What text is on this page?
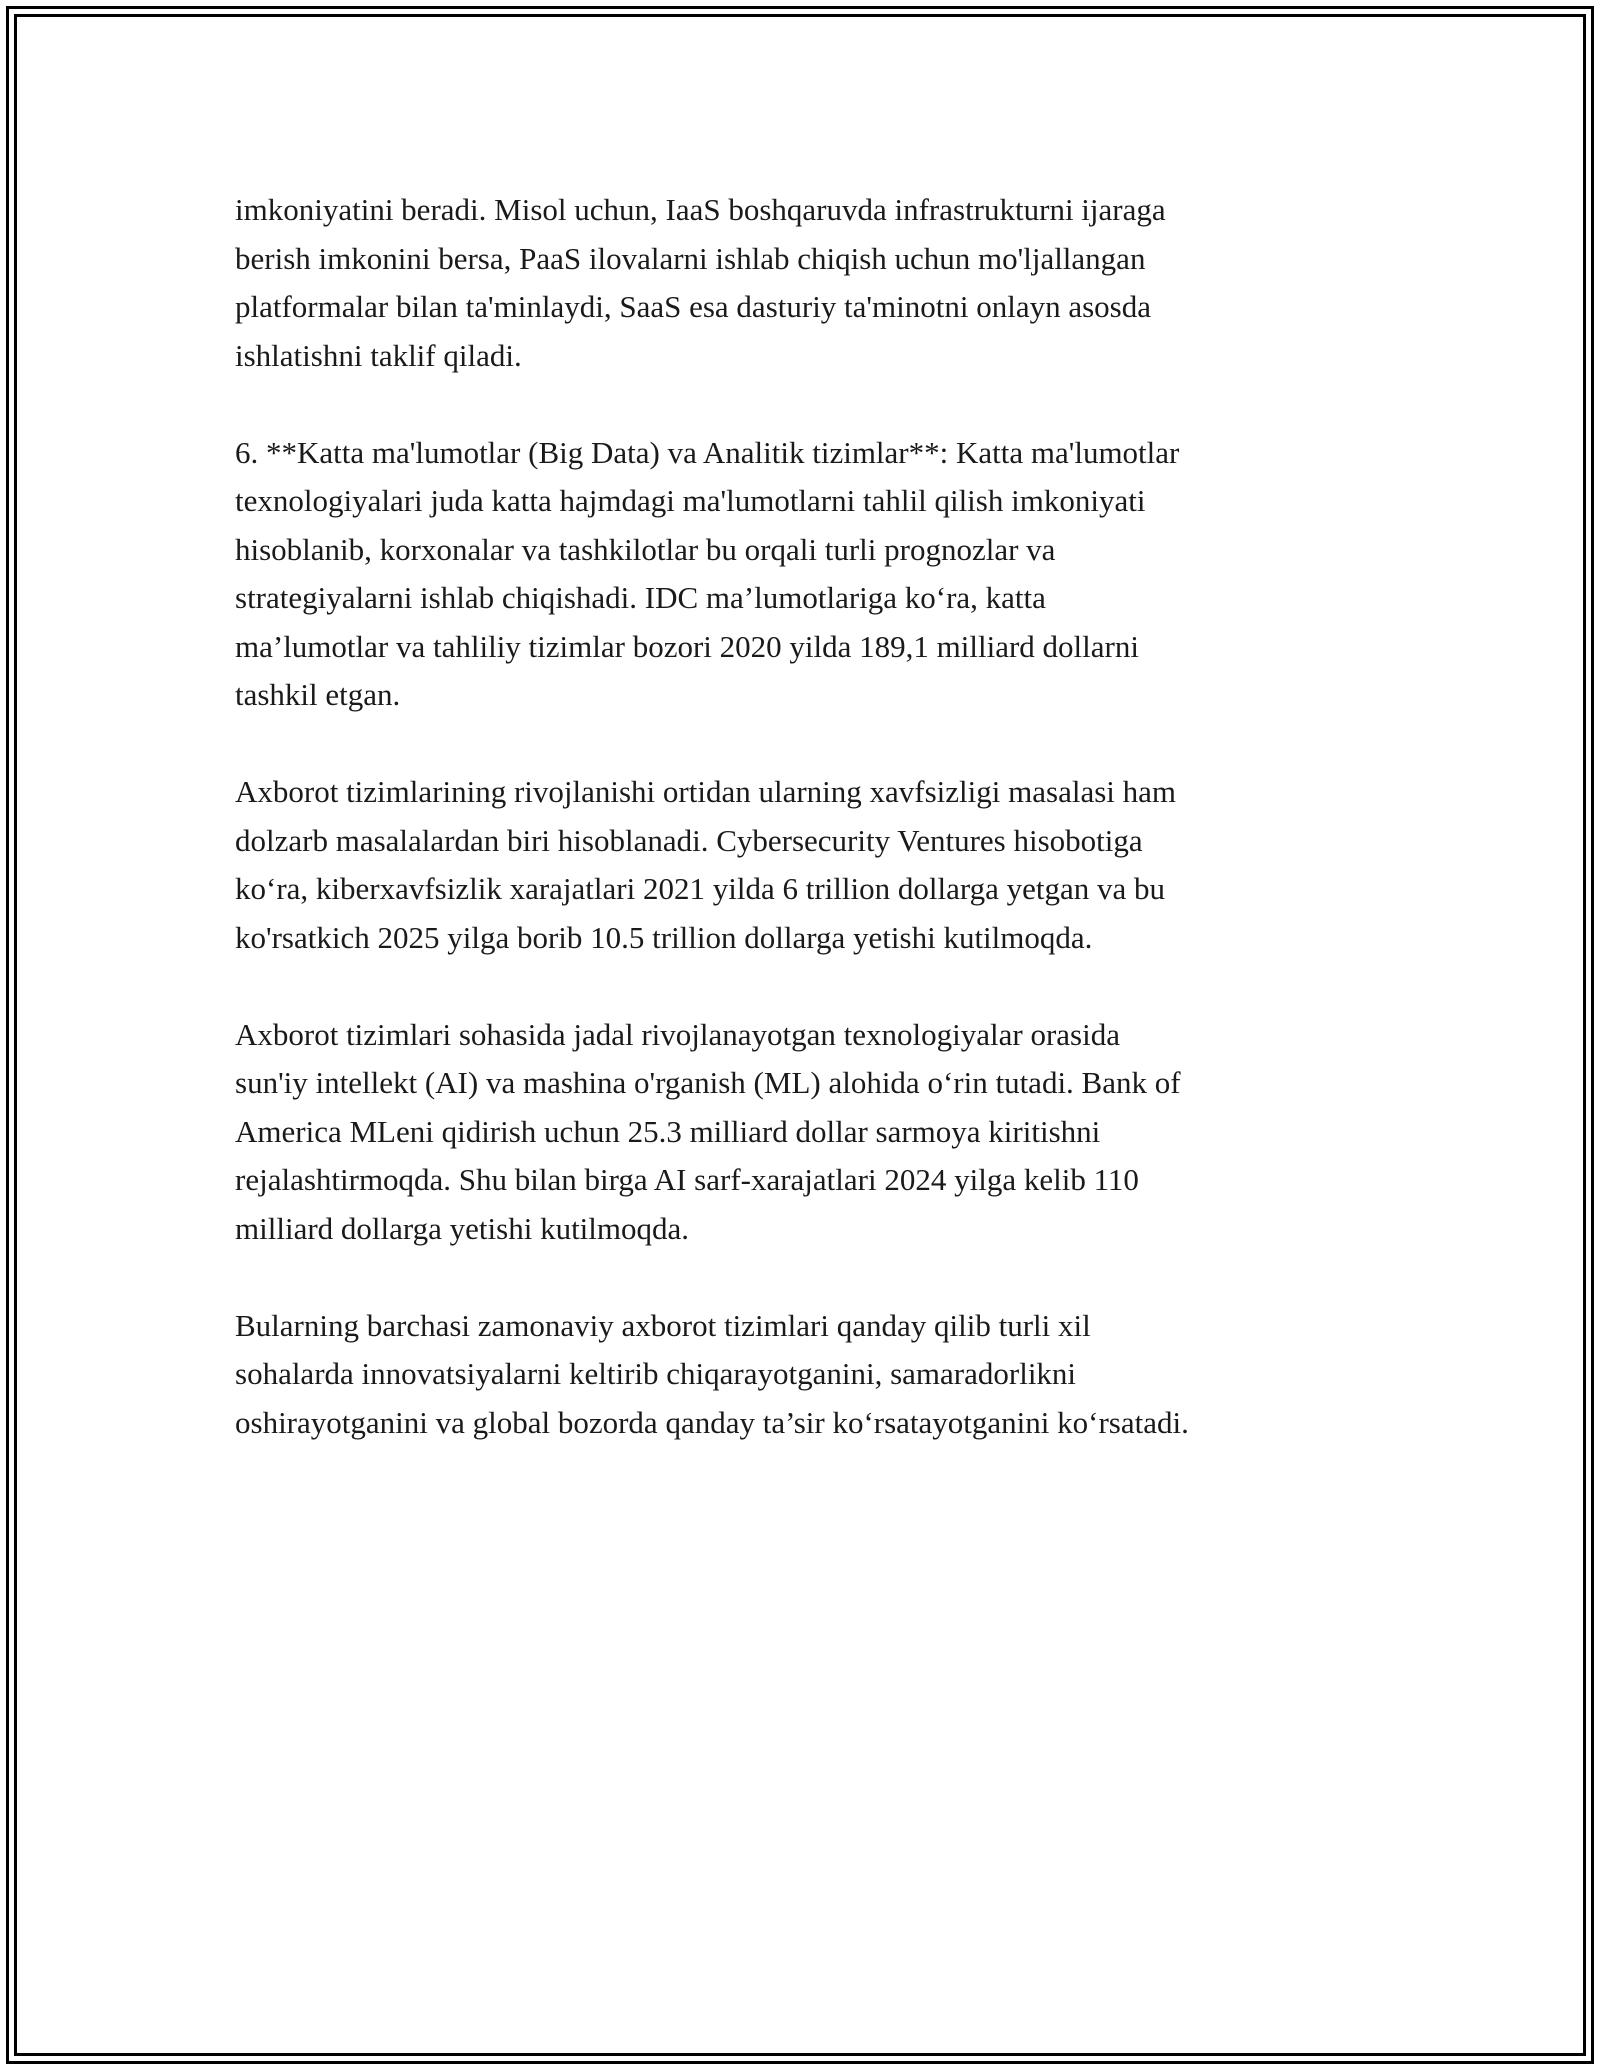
imkoniyatini beradi. Misol uchun, IaaS boshqaruvda infrastrukturni ijaraga
berish imkonini bersa, PaaS ilovalarni ishlab chiqish uchun mo'ljallangan
platformalar bilan ta'minlaydi, SaaS esa dasturiy ta'minotni onlayn asosda
ishlatishni taklif qiladi.

6. **Katta ma'lumotlar (Big Data) va Analitik tizimlar**: Katta ma'lumotlar
texnologiyalari juda katta hajmdagi ma'lumotlarni tahlil qilish imkoniyati
hisoblanib, korxonalar va tashkilotlar bu orqali turli prognozlar va
strategiyalarni ishlab chiqishadi. IDC ma’lumotlariga ko‘ra, katta
ma’lumotlar va tahliliy tizimlar bozori 2020 yilda 189,1 milliard dollarni
tashkil etgan.

Axborot tizimlarining rivojlanishi ortidan ularning xavfsizligi masalasi ham
dolzarb masalalardan biri hisoblanadi. Cybersecurity Ventures hisobotiga
ko‘ra, kiberxavfsizlik xarajatlari 2021 yilda 6 trillion dollarga yetgan va bu
ko'rsatkich 2025 yilga borib 10.5 trillion dollarga yetishi kutilmoqda.

Axborot tizimlari sohasida jadal rivojlanayotgan texnologiyalar orasida
sun'iy intellekt (AI) va mashina o'rganish (ML) alohida o‘rin tutadi. Bank of
America MLeni qidirish uchun 25.3 milliard dollar sarmoya kiritishni
rejalashtirmoqda. Shu bilan birga AI sarf-xarajatlari 2024 yilga kelib 110
milliard dollarga yetishi kutilmoqda.

Bularning barchasi zamonaviy axborot tizimlari qanday qilib turli xil
sohalarda innovatsiyalarni keltirib chiqarayotganini, samaradorlikni
oshirayotganini va global bozorda qanday ta’sir ko‘rsatayotganini ko‘rsatadi.
